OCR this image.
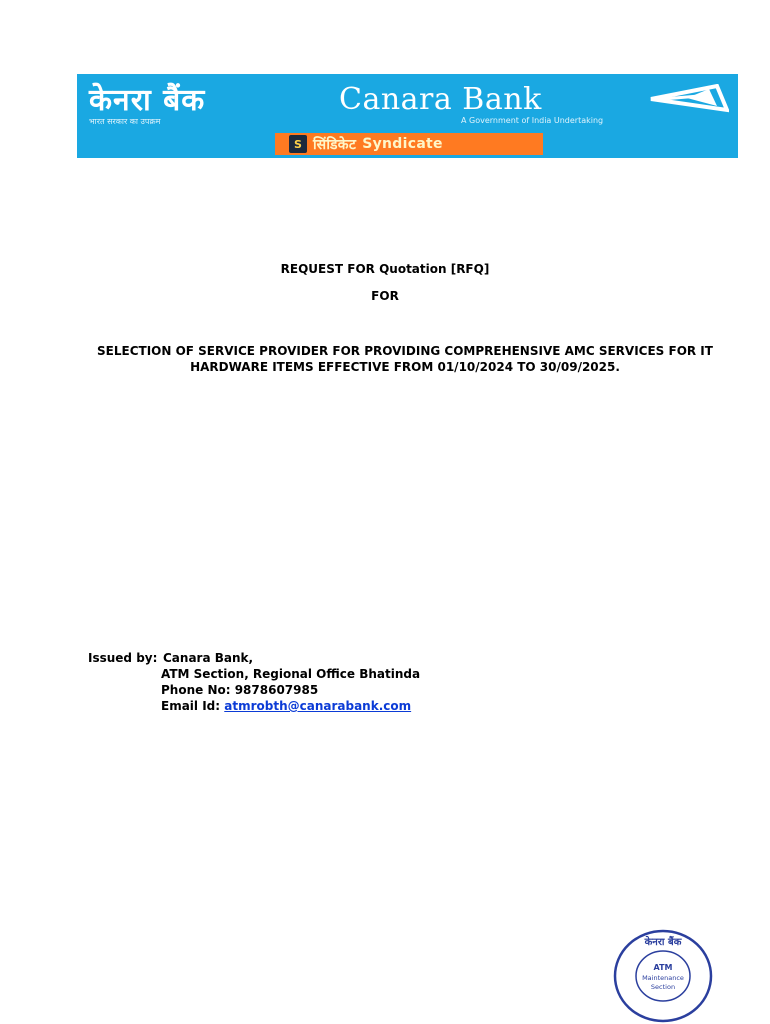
केनरा बैंक	Canara Bank
भारत सरकार का उपक्रम	A Government of India Undertaking
S सिंडिकेट Syndicate
REQUEST FOR Quotation [RFQ]
FOR
SELECTION OF SERVICE PROVIDER FOR PROVIDING COMPREHENSIVE AMC SERVICES FOR IT
HARDWARE ITEMS EFFECTIVE FROM 01/10/2024 TO 30/09/2025.
Issued by: Canara Bank,
ATM Section, Regional Office Bhatinda
Phone No: 9878607985
Email Id: atmrobth@canarabank.com
केनरा बैंक
ATM
Maintenance
Section
